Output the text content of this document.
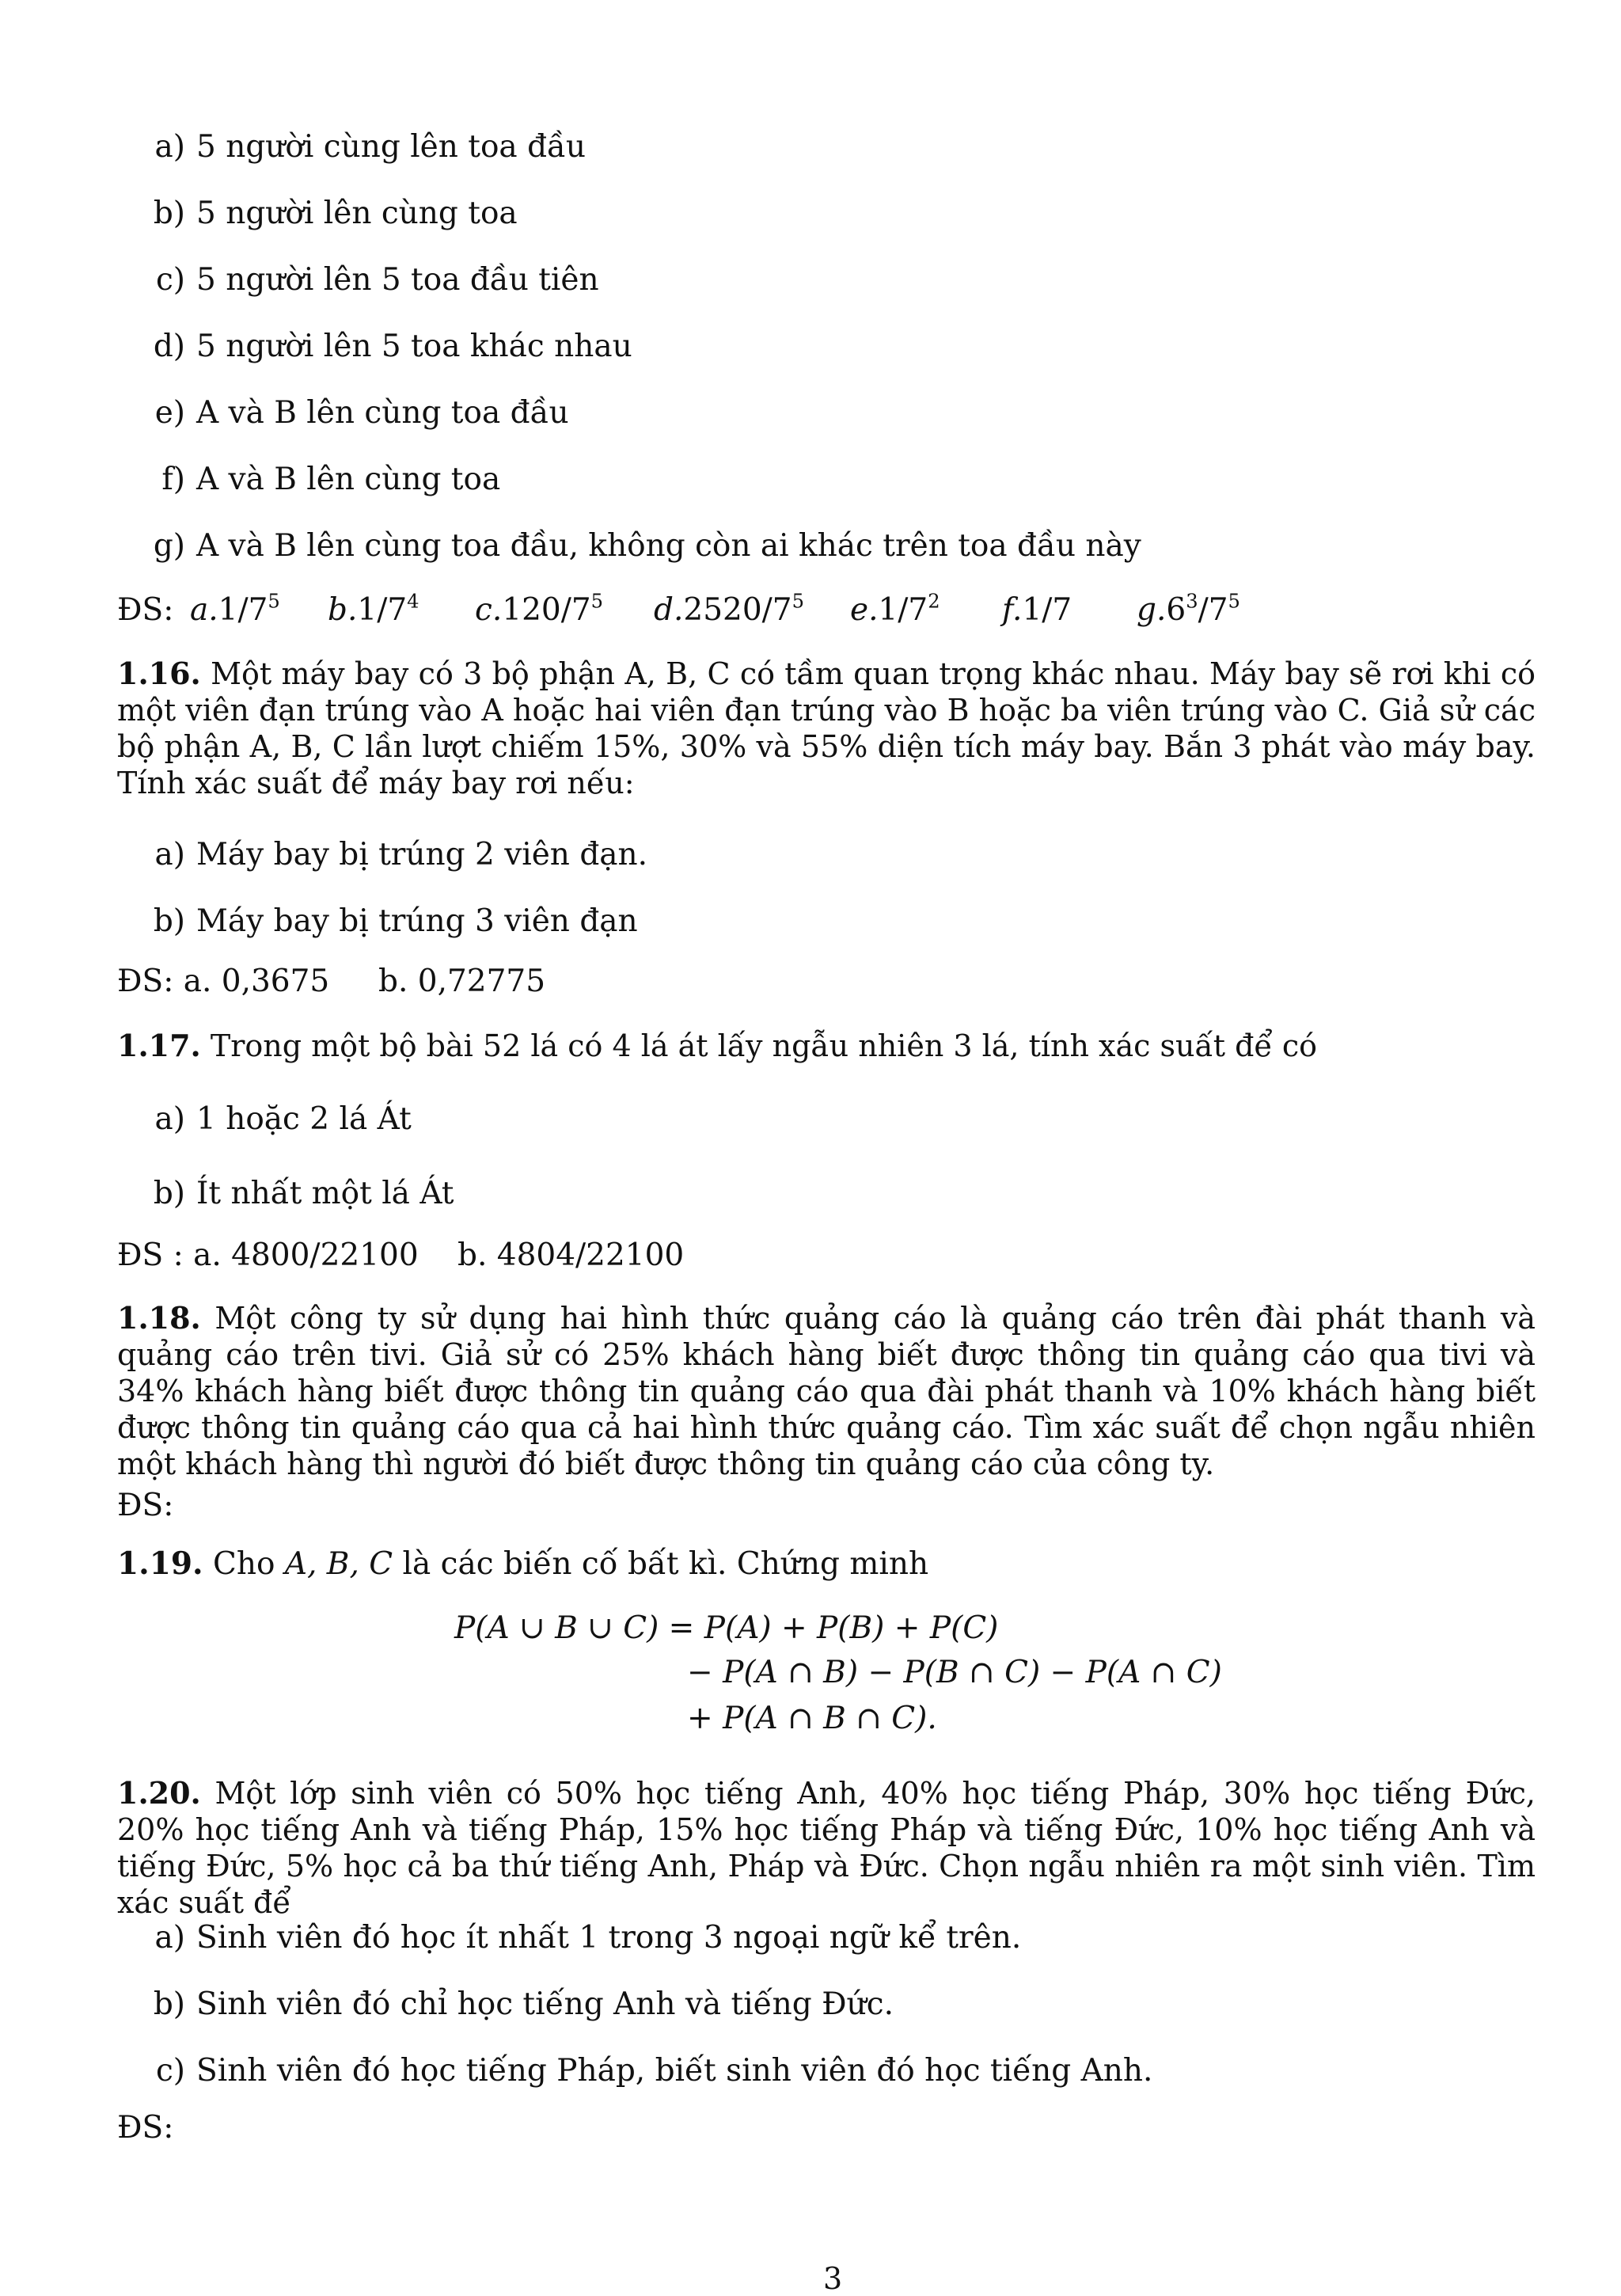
a) 5 người cùng lên toa đầu
b) 5 người lên cùng toa
c) 5 người lên 5 toa đầu tiên
d) 5 người lên 5 toa khác nhau
e) A và B lên cùng toa đầu
f) A và B lên cùng toa
g) A và B lên cùng toa đầu, không còn ai khác trên toa đầu này
ĐS: $a.1/7^5$ $b.1/7^4$ $c.120/7^5$ $d.2520/7^5$ $e.1/7^2$ f.1/7 $g.6^3/7^5$
1.16. Một máy bay có 3 bộ phận A, B, C có tầm quan trọng khác nhau. Máy bay sẽ rơi khi có một viên đạn trúng vào A hoặc hai viên đạn trúng vào B hoặc ba viên trúng vào C. Giả sử các bộ phận A, B, C lần lượt chiếm 15%, 30% và 55% diện tích máy bay. Bắn 3 phát vào máy bay. Tính xác suất để máy bay rơi nếu:
a) Máy bay bị trúng 2 viên đạn.
b) Máy bay bị trúng 3 viên đạn
ĐS: a. 0,3675 b. 0,72775
1.17. Trong một bộ bài 52 lá có 4 lá át lấy ngẫu nhiên 3 lá, tính xác suất để có
a) 1 hoặc 2 lá Át
b) Ít nhất một lá Át
ĐS : a. 4800/22100 b. 4804/22100
1.18. Một công ty sử dụng hai hình thức quảng cáo là quảng cáo trên đài phát thanh và quảng cáo trên tivi. Giả sử có 25% khách hàng biết được thông tin quảng cáo qua tivi và 34% khách hàng biết được thông tin quảng cáo qua đài phát thanh và 10% khách hàng biết được thông tin quảng cáo qua cả hai hình thức quảng cáo. Tìm xác suất để chọn ngẫu nhiên một khách hàng thì người đó biết được thông tin quảng cáo của công ty.
ĐS:
1.19. Cho A, B, C là các biến cố bất kì. Chứng minh
P(A ∪ B ∪ C) = P(A) + P(B) + P(C)
− P(A ∩ B) − P(B ∩ C) − P(A ∩ C)
+ P(A ∩ B ∩ C).
1.20. Một lớp sinh viên có 50% học tiếng Anh, 40% học tiếng Pháp, 30% học tiếng Đức, 20% học tiếng Anh và tiếng Pháp, 15% học tiếng Pháp và tiếng Đức, 10% học tiếng Anh và tiếng Đức, 5% học cả ba thứ tiếng Anh, Pháp và Đức. Chọn ngẫu nhiên ra một sinh viên. Tìm xác suất để
a) Sinh viên đó học ít nhất 1 trong 3 ngoại ngữ kể trên.
b) Sinh viên đó chỉ học tiếng Anh và tiếng Đức.
c) Sinh viên đó học tiếng Pháp, biết sinh viên đó học tiếng Anh.
ĐS:
3
